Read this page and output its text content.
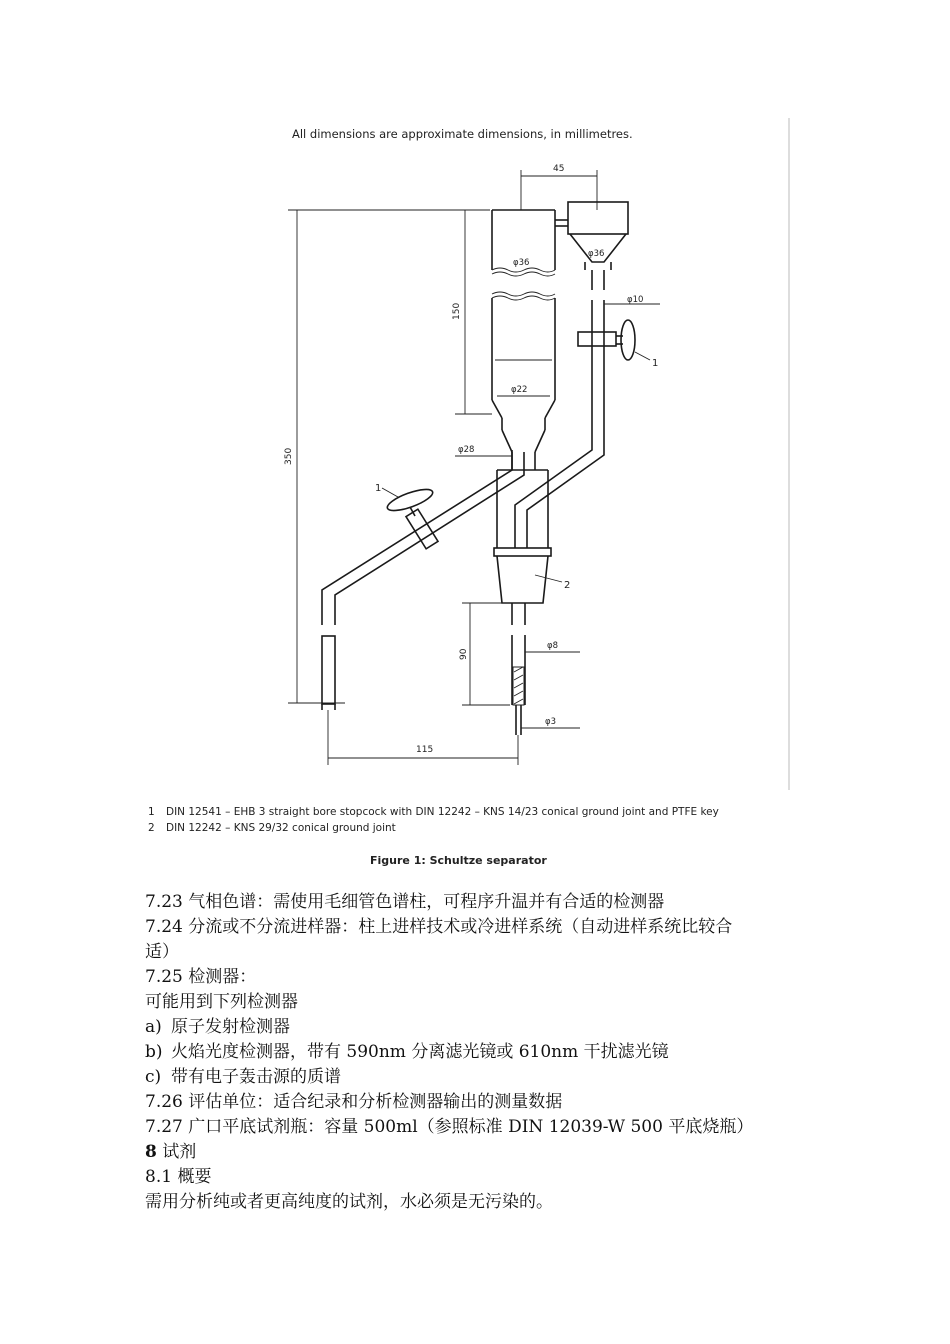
All dimensions are approximate dimensions, in millimetres.
45
350
150
φ36
φ22
φ28
φ36
φ10
1
1
2
90
φ8
φ3
115
1 DIN 12541 – EHB 3 straight bore stopcock with DIN 12242 – KNS 14/23 conical ground joint and PTFE key
2 DIN 12242 – KNS 29/32 conical ground joint
Figure 1: Schultze separator

7.23 气相色谱：需使用毛细管色谱柱，可程序升温并有合适的检测器

7.24 分流或不分流进样器：柱上进样技术或冷进样系统（自动进样系统比较合

适）

7.25 检测器：

可能用到下列检测器

a) 原子发射检测器

b) 火焰光度检测器，带有 590nm 分离滤光镜或 610nm 干扰滤光镜

c) 带有电子轰击源的质谱

7.26 评估单位：适合纪录和分析检测器输出的测量数据

7.27 广口平底试剂瓶：容量 500ml（参照标准 DIN 12039-W 500 平底烧瓶）

8 试剂

8.1 概要

需用分析纯或者更高纯度的试剂，水必须是无污染的。
